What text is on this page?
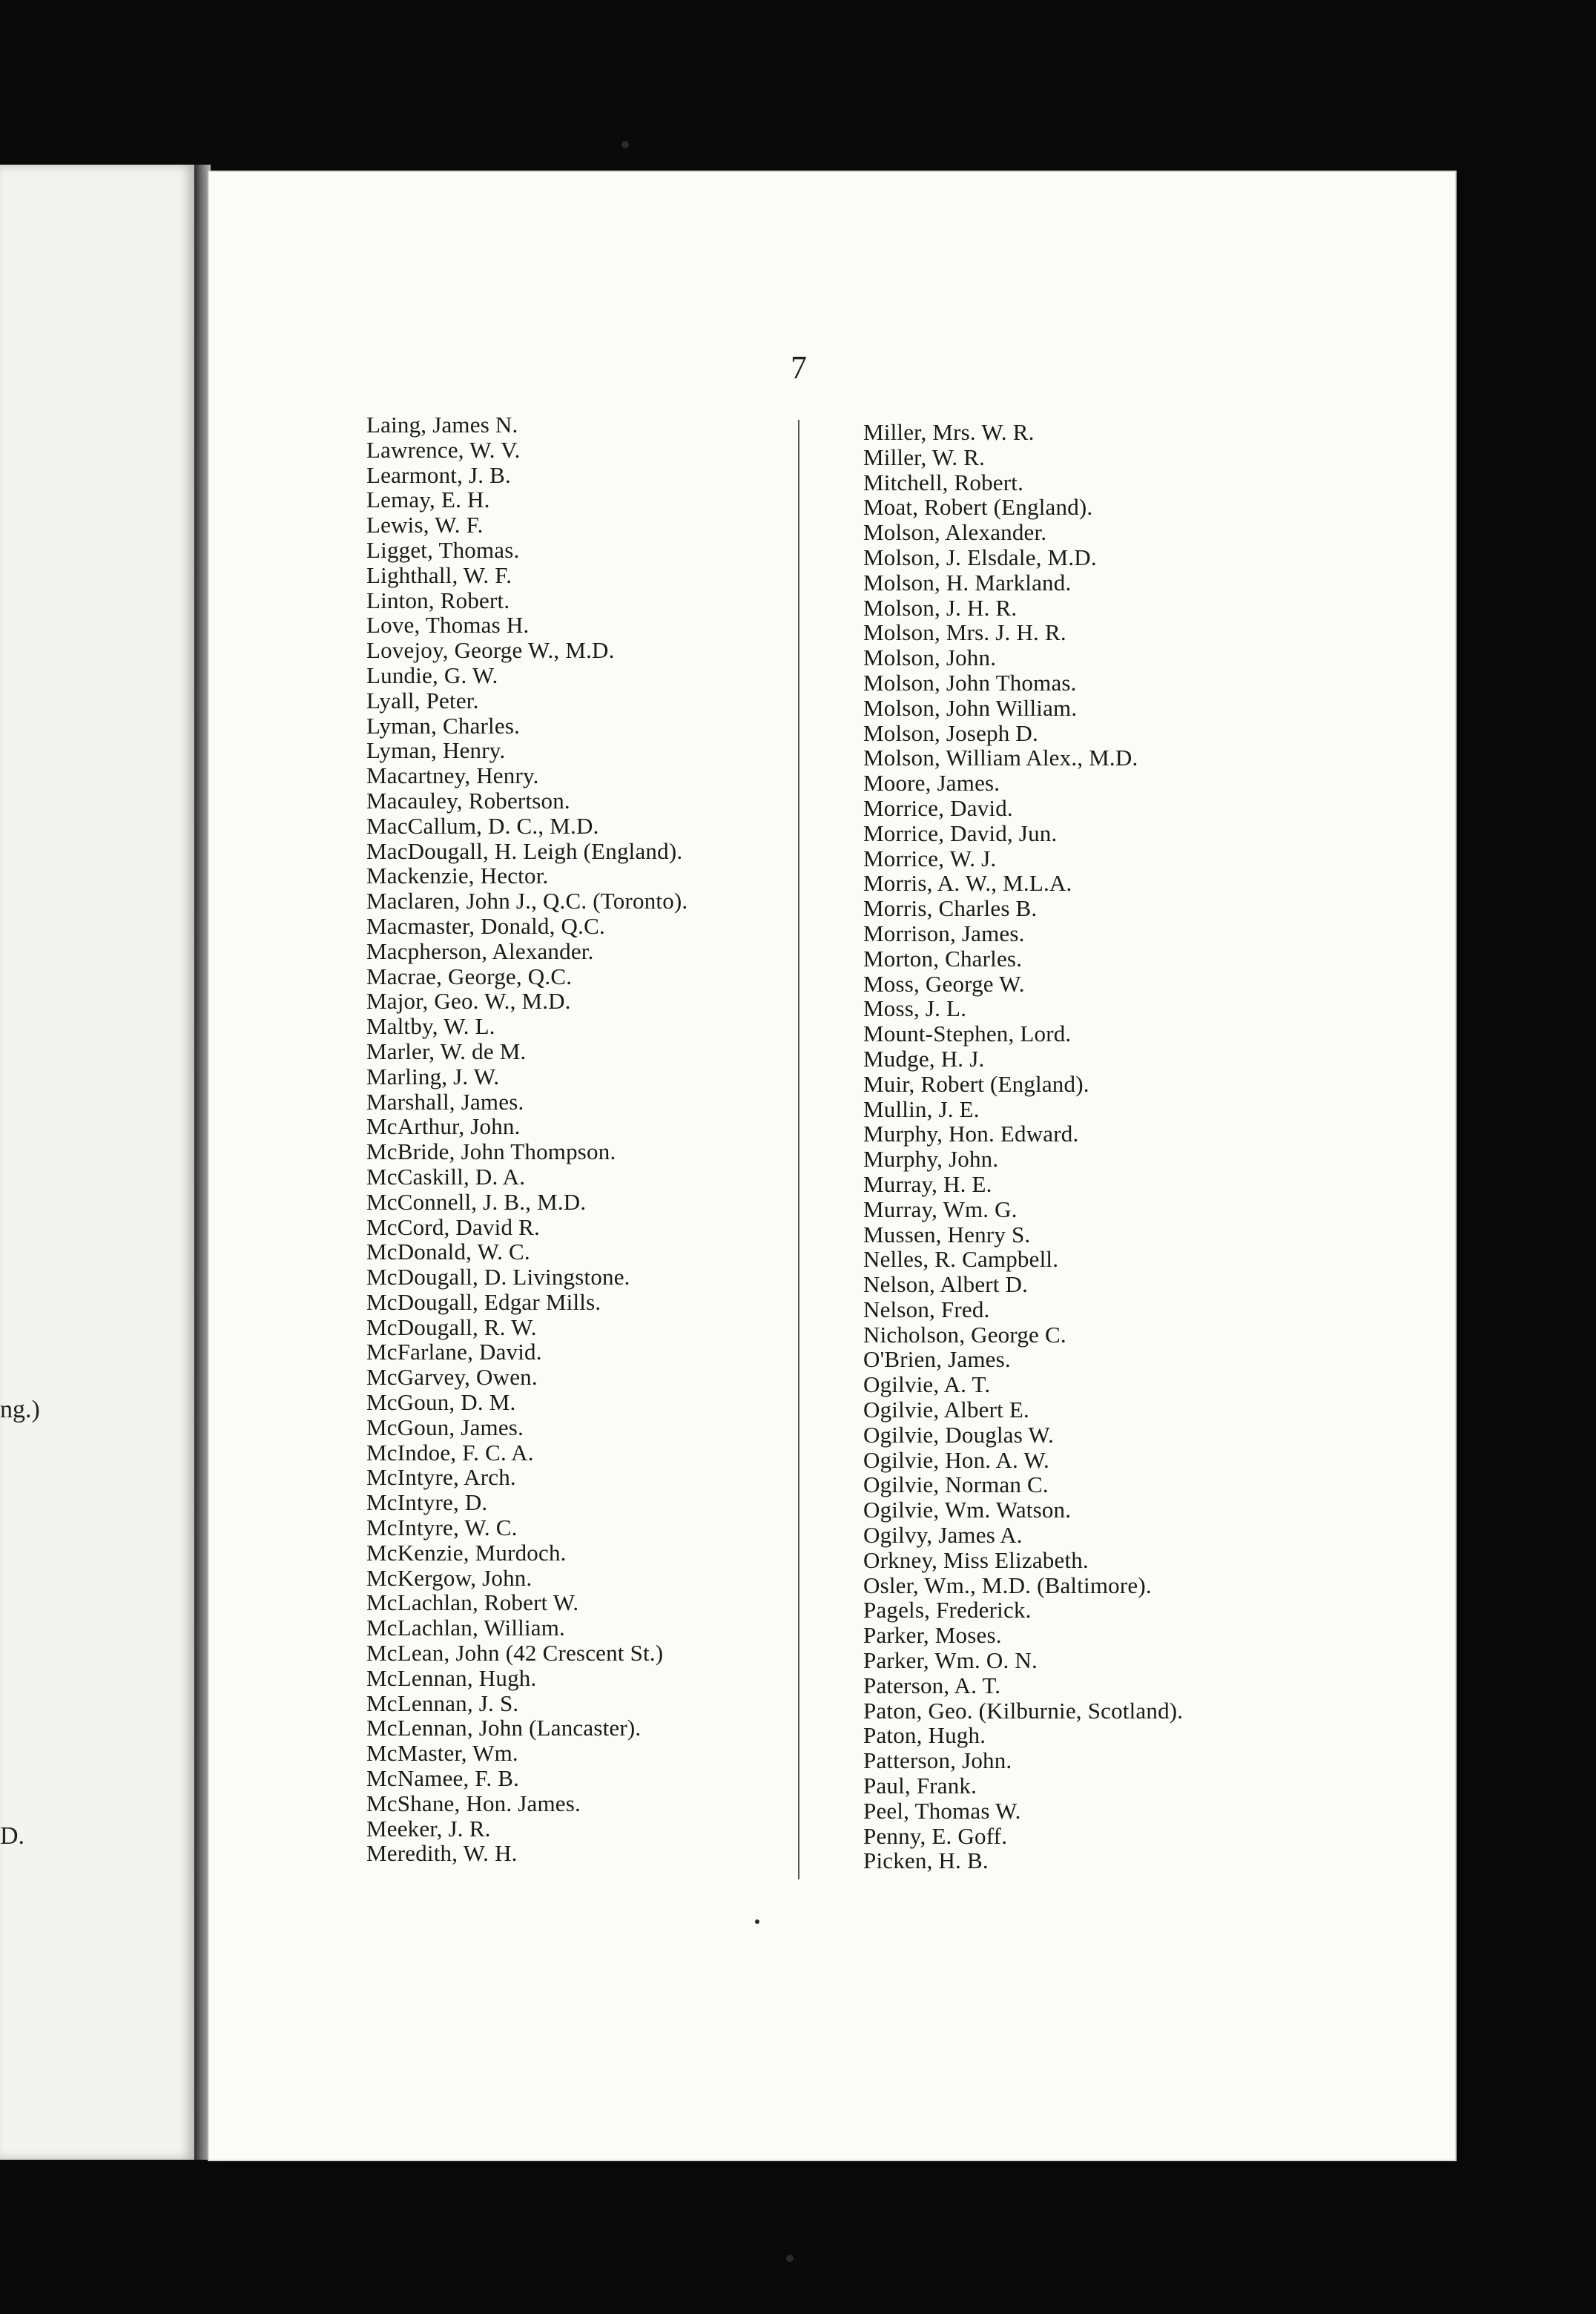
ng.)
D.
7
Laing, James N.
Lawrence, W. V.
Learmont, J. B.
Lemay, E. H.
Lewis, W. F.
Ligget, Thomas.
Lighthall, W. F.
Linton, Robert.
Love, Thomas H.
Lovejoy, George W., M.D.
Lundie, G. W.
Lyall, Peter.
Lyman, Charles.
Lyman, Henry.
Macartney, Henry.
Macauley, Robertson.
MacCallum, D. C., M.D.
MacDougall, H. Leigh (England).
Mackenzie, Hector.
Maclaren, John J., Q.C. (Toronto).
Macmaster, Donald, Q.C.
Macpherson, Alexander.
Macrae, George, Q.C.
Major, Geo. W., M.D.
Maltby, W. L.
Marler, W. de M.
Marling, J. W.
Marshall, James.
McArthur, John.
McBride, John Thompson.
McCaskill, D. A.
McConnell, J. B., M.D.
McCord, David R.
McDonald, W. C.
McDougall, D. Livingstone.
McDougall, Edgar Mills.
McDougall, R. W.
McFarlane, David.
McGarvey, Owen.
McGoun, D. M.
McGoun, James.
McIndoe, F. C. A.
McIntyre, Arch.
McIntyre, D.
McIntyre, W. C.
McKenzie, Murdoch.
McKergow, John.
McLachlan, Robert W.
McLachlan, William.
McLean, John (42 Crescent St.)
McLennan, Hugh.
McLennan, J. S.
McLennan, John (Lancaster).
McMaster, Wm.
McNamee, F. B.
McShane, Hon. James.
Meeker, J. R.
Meredith, W. H.
Miller, Mrs. W. R.
Miller, W. R.
Mitchell, Robert.
Moat, Robert (England).
Molson, Alexander.
Molson, J. Elsdale, M.D.
Molson, H. Markland.
Molson, J. H. R.
Molson, Mrs. J. H. R.
Molson, John.
Molson, John Thomas.
Molson, John William.
Molson, Joseph D.
Molson, William Alex., M.D.
Moore, James.
Morrice, David.
Morrice, David, Jun.
Morrice, W. J.
Morris, A. W., M.L.A.
Morris, Charles B.
Morrison, James.
Morton, Charles.
Moss, George W.
Moss, J. L.
Mount-Stephen, Lord.
Mudge, H. J.
Muir, Robert (England).
Mullin, J. E.
Murphy, Hon. Edward.
Murphy, John.
Murray, H. E.
Murray, Wm. G.
Mussen, Henry S.
Nelles, R. Campbell.
Nelson, Albert D.
Nelson, Fred.
Nicholson, George C.
O'Brien, James.
Ogilvie, A. T.
Ogilvie, Albert E.
Ogilvie, Douglas W.
Ogilvie, Hon. A. W.
Ogilvie, Norman C.
Ogilvie, Wm. Watson.
Ogilvy, James A.
Orkney, Miss Elizabeth.
Osler, Wm., M.D. (Baltimore).
Pagels, Frederick.
Parker, Moses.
Parker, Wm. O. N.
Paterson, A. T.
Paton, Geo. (Kilburnie, Scotland).
Paton, Hugh.
Patterson, John.
Paul, Frank.
Peel, Thomas W.
Penny, E. Goff.
Picken, H. B.
